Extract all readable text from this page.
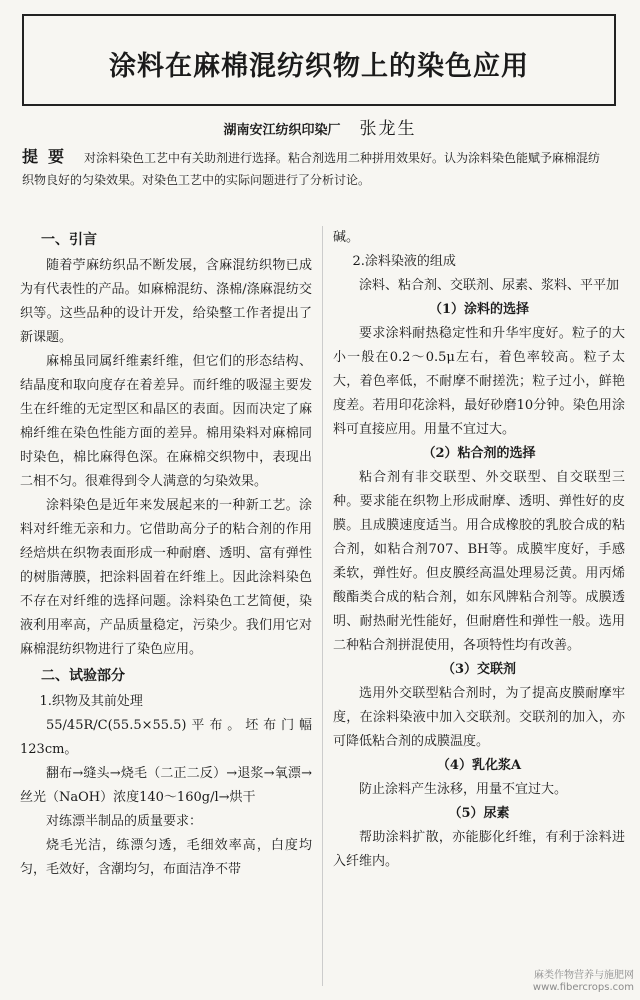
涂料在麻棉混纺织物上的染色应用
湖南安江纺织印染厂 张龙生
提要 对涂料染色工艺中有关助剂进行选择。粘合剂选用二种拼用效果好。认为涂料染色能赋予麻棉混纺织物良好的匀染效果。对染色工艺中的实际问题进行了分析讨论。
一、引言

随着苧麻纺织品不断发展，含麻混纺织物已成为有代表性的产品。如麻棉混纺、涤棉/涤麻混纺交织等。这些品种的设计开发，给染整工作者提出了新课题。

麻棉虽同属纤维素纤维，但它们的形态结构、结晶度和取向度存在着差异。而纤维的吸湿主要发生在纤维的无定型区和晶区的表面。因而决定了麻棉纤维在染色性能方面的差异。棉用染料对麻棉同时染色，棉比麻得色深。在麻棉交织物中，表现出二相不匀。很难得到令人满意的匀染效果。

涂料染色是近年来发展起来的一种新工艺。涂料对纤维无亲和力。它借助高分子的粘合剂的作用经焙烘在织物表面形成一种耐磨、透明、富有弹性的树脂薄膜，把涂料固着在纤维上。因此涂料染色不存在对纤维的选择问题。涂料染色工艺简便，染液利用率高，产品质量稳定，污染少。我们用它对麻棉混纺织物进行了染色应用。

二、试验部分
1.织物及其前处理

55/45R/C(55.5×55.5)平布。坯布门幅123cm。

翻布→缝头→烧毛（二正二反）→退浆→氧漂→丝光（NaOH）浓度140～160g/l→烘干

对练漂半制品的质量要求：

烧毛光洁，练漂匀透，毛细效率高，白度均匀，毛效好，含潮均匀，布面洁净不带

碱。

2.涂料染液的组成

涂料、粘合剂、交联剂、尿素、浆料、平平加

（1）涂料的选择

要求涂料耐热稳定性和升华牢度好。粒子的大小一般在0.2～0.5μ左右，着色率较高。粒子太大，着色率低，不耐摩不耐搓洗；粒子过小，鲜艳度差。若用印花涂料，最好砂磨10分钟。染色用涂料可直接应用。用量不宜过大。

（2）粘合剂的选择

粘合剂有非交联型、外交联型、自交联型三种。要求能在织物上形成耐摩、透明、弹性好的皮膜。且成膜速度适当。用合成橡胶的乳胶合成的粘合剂，如粘合剂707、BH等。成膜牢度好，手感柔软，弹性好。但皮膜经高温处理易泛黄。用丙烯酸酯类合成的粘合剂，如东风牌粘合剂等。成膜透明、耐热耐光性能好，但耐磨性和弹性一般。选用二种粘合剂拼混使用，各项特性均有改善。

（3）交联剂

选用外交联型粘合剂时，为了提高皮膜耐摩牢度，在涂料染液中加入交联剂。交联剂的加入，亦可降低粘合剂的成膜温度。

（4）乳化浆A

防止涂料产生泳移，用量不宜过大。

（5）尿素

帮助涂料扩散，亦能膨化纤维，有利于涂料进入纤维内。

麻类作物营养与施肥网
www.fibercrops.com
